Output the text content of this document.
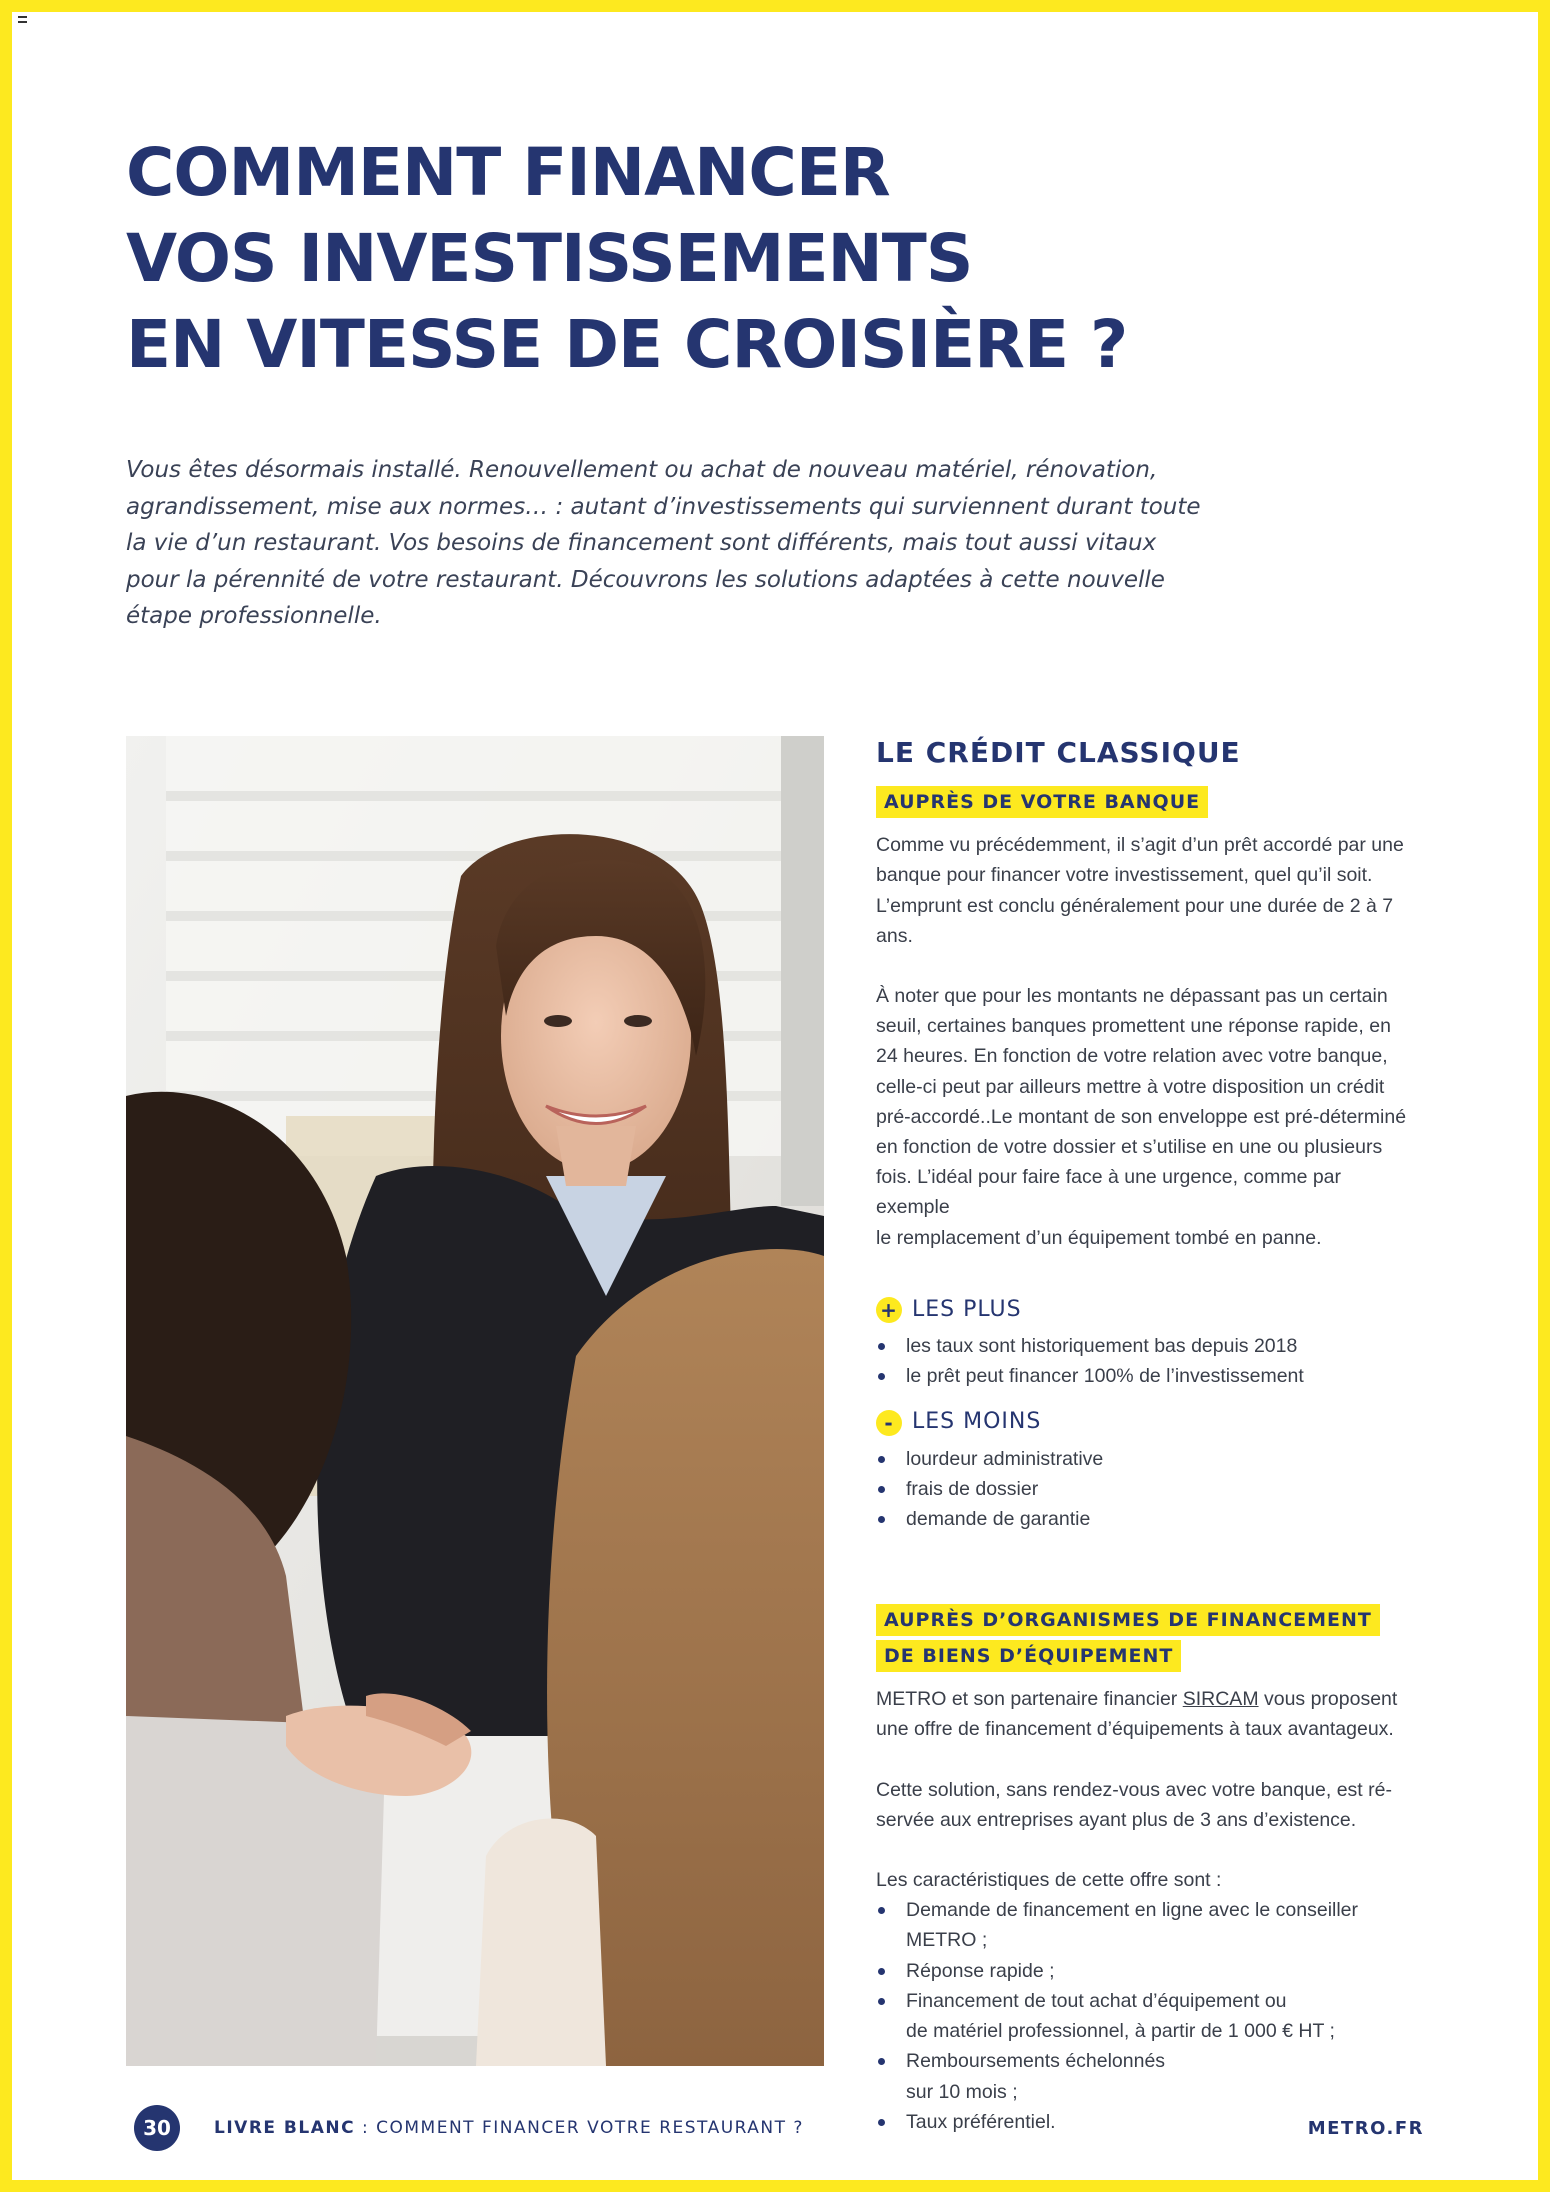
COMMENT FINANCER
VOS INVESTISSEMENTS
EN VITESSE DE CROISIÈRE ?
Vous êtes désormais installé. Renouvellement ou achat de nouveau matériel, rénovation,
agrandissement, mise aux normes… : autant d’investissements qui surviennent durant toute
la vie d’un restaurant. Vos besoins de financement sont différents, mais tout aussi vitaux
pour la pérennité de votre restaurant. Découvrons les solutions adaptées à cette nouvelle
étape professionnelle.
LE CRÉDIT CLASSIQUE
AUPRÈS DE VOTRE BANQUE

Comme vu précédemment, il s’agit d’un prêt accordé par une
banque pour financer votre investissement, quel qu’il soit.
L’emprunt est conclu généralement pour une durée de 2 à 7 ans.

À noter que pour les montants ne dépassant pas un certain
seuil, certaines banques promettent une réponse rapide, en
24 heures. En fonction de votre relation avec votre banque,
celle-ci peut par ailleurs mettre à votre disposition un crédit
pré-accordé..Le montant de son enveloppe est pré-déterminé
en fonction de votre dossier et s’utilise en une ou plusieurs
fois. L’idéal pour faire face à une urgence, comme par exemple
le remplacement d’un équipement tombé en panne.

+ LES PLUS
les taux sont historiquement bas depuis 2018
le prêt peut financer 100% de l’investissement
- LES MOINS
lourdeur administrative
frais de dossier
demande de garantie
AUPRÈS D’ORGANISMES DE FINANCEMENT
DE BIENS D’ÉQUIPEMENT

METRO et son partenaire financier SIRCAM vous proposent
une offre de financement d’équipements à taux avantageux.

Cette solution, sans rendez-vous avec votre banque, est ré-
servée aux entreprises ayant plus de 3 ans d’existence.

Les caractéristiques de cette offre sont :

Demande de financement en ligne avec le conseiller
METRO ;
Réponse rapide ;
Financement de tout achat d’équipement ou
de matériel professionnel, à partir de 1 000 € HT ;
Remboursements échelonnés
sur 10 mois ;
Taux préférentiel.
30	LIVRE BLANC : COMMENT FINANCER VOTRE RESTAURANT ?	METRO.FR
